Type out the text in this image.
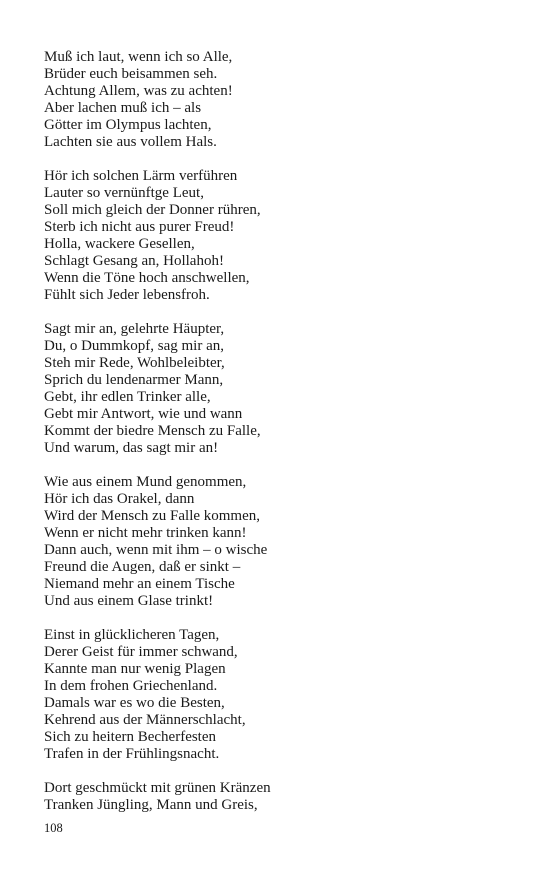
Muß ich laut, wenn ich so Alle,
Brüder euch beisammen seh.
Achtung Allem, was zu achten!
Aber lachen muß ich – als
Götter im Olympus lachten,
Lachten sie aus vollem Hals.
Hör ich solchen Lärm verführen
Lauter so vernünftge Leut,
Soll mich gleich der Donner rühren,
Sterb ich nicht aus purer Freud!
Holla, wackere Gesellen,
Schlagt Gesang an, Hollahoh!
Wenn die Töne hoch anschwellen,
Fühlt sich Jeder lebensfroh.
Sagt mir an, gelehrte Häupter,
Du, o Dummkopf, sag mir an,
Steh mir Rede, Wohlbeleibter,
Sprich du lendenarmer Mann,
Gebt, ihr edlen Trinker alle,
Gebt mir Antwort, wie und wann
Kommt der biedre Mensch zu Falle,
Und warum, das sagt mir an!
Wie aus einem Mund genommen,
Hör ich das Orakel, dann
Wird der Mensch zu Falle kommen,
Wenn er nicht mehr trinken kann!
Dann auch, wenn mit ihm – o wische
Freund die Augen, daß er sinkt –
Niemand mehr an einem Tische
Und aus einem Glase trinkt!
Einst in glücklicheren Tagen,
Derer Geist für immer schwand,
Kannte man nur wenig Plagen
In dem frohen Griechenland.
Damals war es wo die Besten,
Kehrend aus der Männerschlacht,
Sich zu heitern Becherfesten
Trafen in der Frühlingsnacht.
Dort geschmückt mit grünen Kränzen
Tranken Jüngling, Mann und Greis,
108
